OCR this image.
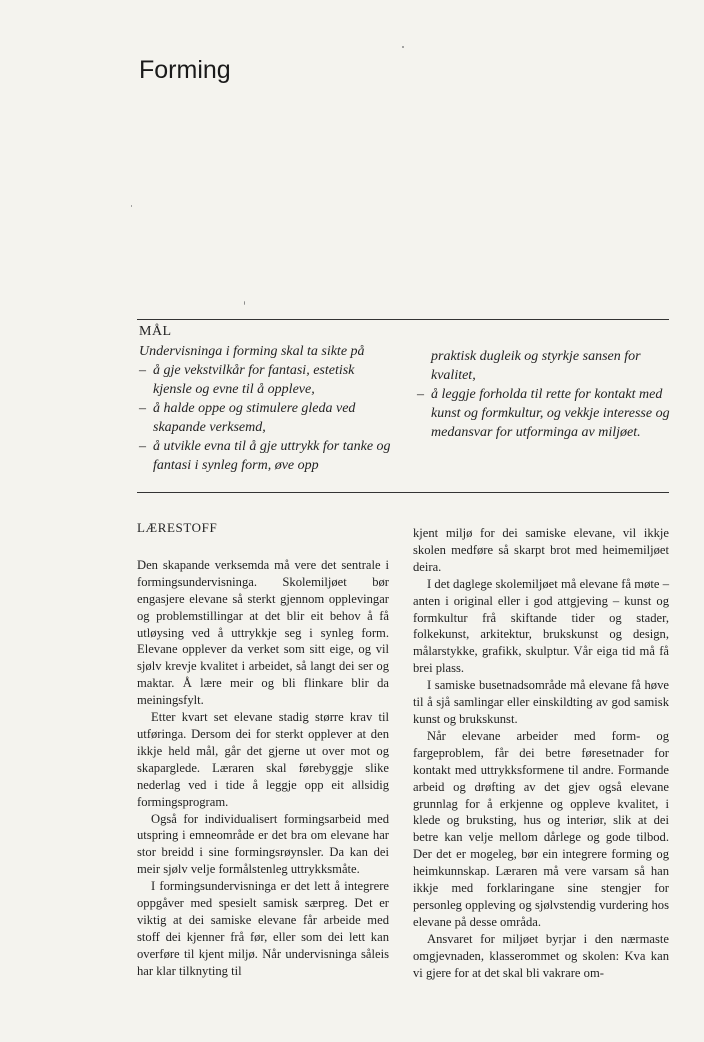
Forming
MÅL

Undervisninga i forming skal ta sikte på

– å gje vekstvilkår for fantasi, estetisk kjensle og evne til å oppleve,
– å halde oppe og stimulere gleda ved skapande verksemd,
– å utvikle evna til å gje uttrykk for tanke og fantasi i synleg form, øve opp

praktisk dugleik og styrkje sansen for kvalitet,

– å leggje forholda til rette for kontakt med kunst og formkultur, og vekkje interesse og medansvar for utforminga av miljøet.
LÆRESTOFF

Den skapande verksemda må vere det sentrale i formingsundervisninga. Skolemiljøet bør engasjere elevane så sterkt gjennom opplevingar og problemstillingar at det blir eit behov å få utløysing ved å uttrykkje seg i synleg form. Elevane opplever da verket som sitt eige, og vil sjølv krevje kvalitet i arbeidet, så langt dei ser og maktar. Å lære meir og bli flinkare blir da meiningsfylt.

Etter kvart set elevane stadig større krav til utføringa. Dersom dei for sterkt opplever at den ikkje held mål, går det gjerne ut over mot og skaparglede. Læraren skal førebyggje slike nederlag ved i tide å leggje opp eit allsidig formingsprogram.

Også for individualisert formingsarbeid med utspring i emneområde er det bra om elevane har stor breidd i sine formingsrøynsler. Da kan dei meir sjølv velje formålstenleg uttrykksmåte.

I formingsundervisninga er det lett å integrere oppgåver med spesielt samisk særpreg. Det er viktig at dei samiske elevane får arbeide med stoff dei kjenner frå før, eller som dei lett kan overføre til kjent miljø. Når undervisninga såleis har klar tilknyting til

kjent miljø for dei samiske elevane, vil ikkje skolen medføre så skarpt brot med heimemiljøet deira.

I det daglege skolemiljøet må elevane få møte – anten i original eller i god attgjeving – kunst og formkultur frå skiftande tider og stader, folkekunst, arkitektur, brukskunst og design, målarstykke, grafikk, skulptur. Vår eiga tid må få brei plass.

I samiske busetnadsområde må elevane få høve til å sjå samlingar eller einskildting av god samisk kunst og brukskunst.

Når elevane arbeider med form- og fargeproblem, får dei betre føresetnader for kontakt med uttrykksformene til andre. Formande arbeid og drøfting av det gjev også elevane grunnlag for å erkjenne og oppleve kvalitet, i klede og bruksting, hus og interiør, slik at dei betre kan velje mellom dårlege og gode tilbod. Der det er mogeleg, bør ein integrere forming og heimkunnskap. Læraren må vere varsam så han ikkje med forklaringane sine stengjer for personleg oppleving og sjølvstendig vurdering hos elevane på desse områda.

Ansvaret for miljøet byrjar i den nærmaste omgjevnaden, klasserommet og skolen: Kva kan vi gjere for at det skal bli vakrare om-
